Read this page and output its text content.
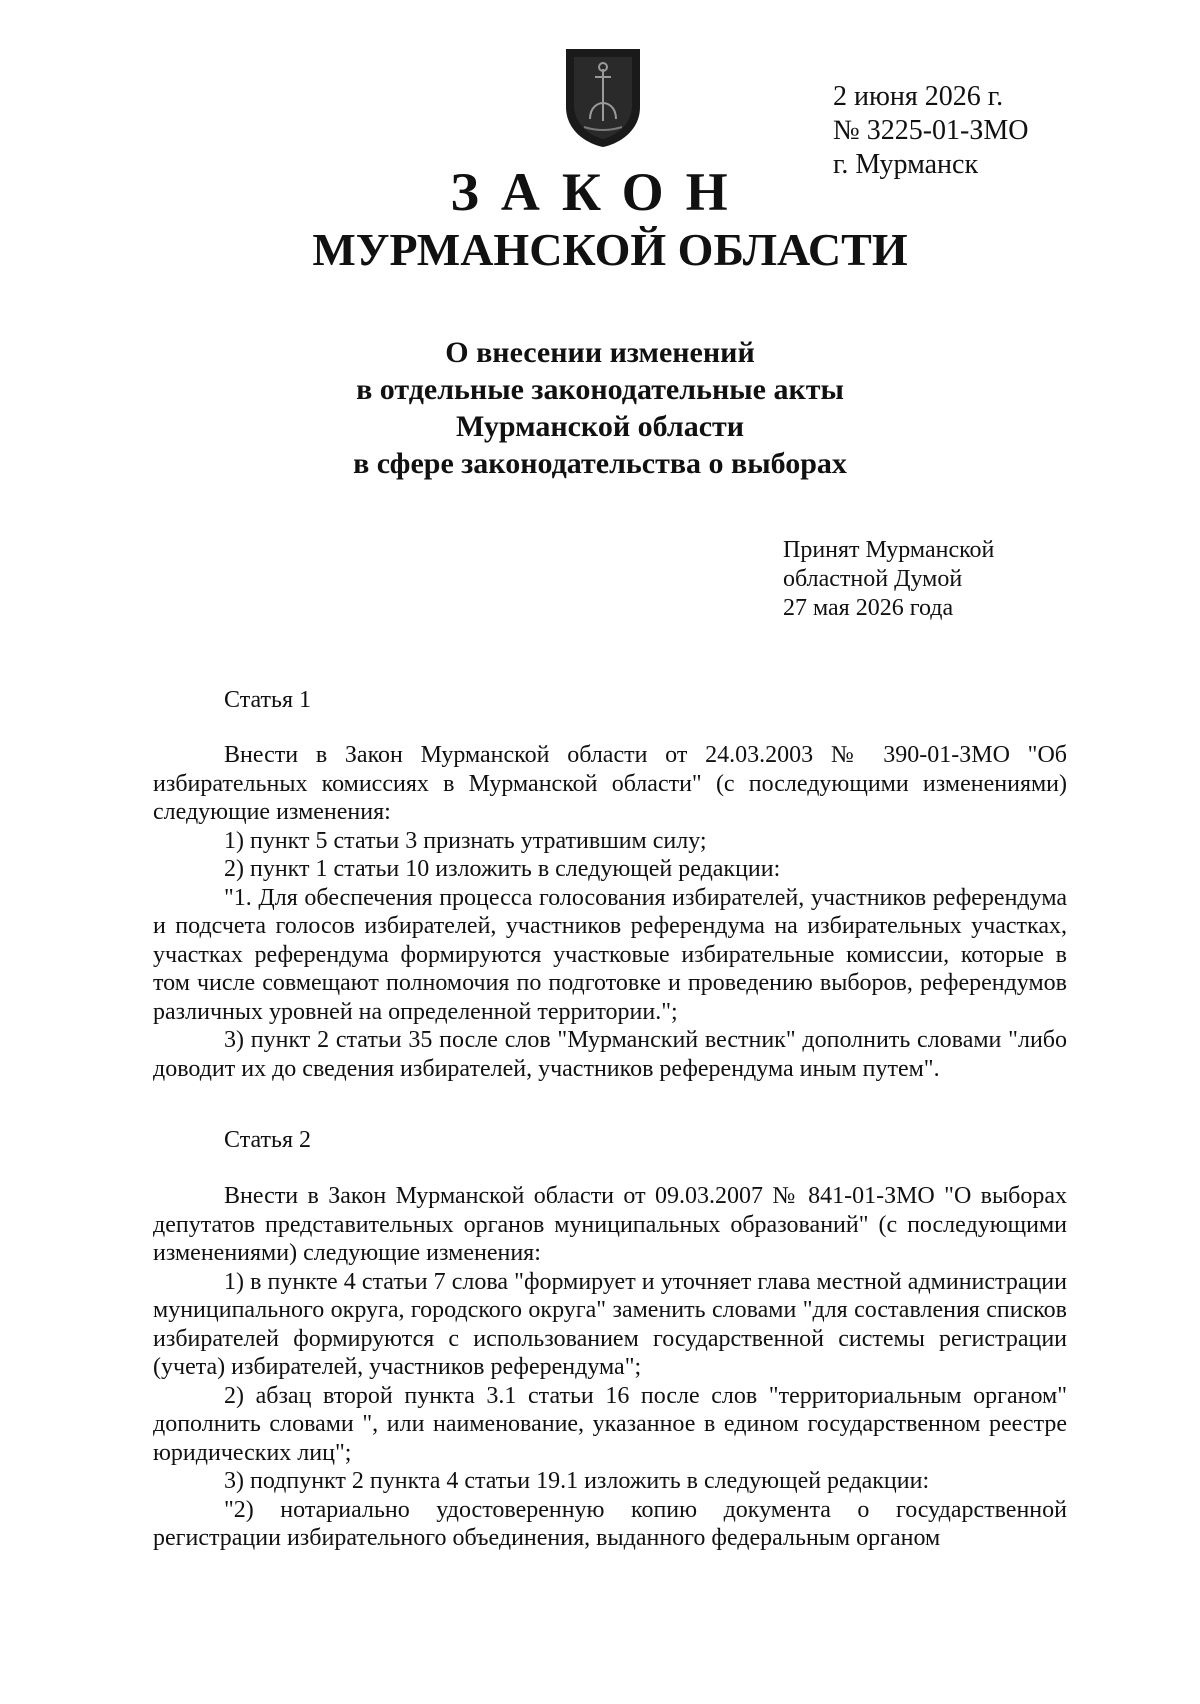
2 июня 2026 г.
№ 3225-01-ЗМО
г. Мурманск
ЗАКОН
МУРМАНСКОЙ ОБЛАСТИ
О внесении изменений
в отдельные законодательные акты
Мурманской области
в сфере законодательства о выборах
Принят Мурманской
областной Думой
27 мая 2026 года
Статья 1

Внести в Закон Мурманской области от 24.03.2003 № 390-01-ЗМО "Об избирательных комиссиях в Мурманской области" (с последующими изменениями) следующие изменения:

1) пункт 5 статьи 3 признать утратившим силу;

2) пункт 1 статьи 10 изложить в следующей редакции:

"1. Для обеспечения процесса голосования избирателей, участников референдума и подсчета голосов избирателей, участников референдума на избирательных участках, участках референдума формируются участковые избирательные комиссии, которые в том числе совмещают полномочия по подготовке и проведению выборов, референдумов различных уровней на определенной территории.";

3) пункт 2 статьи 35 после слов "Мурманский вестник" дополнить словами "либо доводит их до сведения избирателей, участников референдума иным путем".

Статья 2

Внести в Закон Мурманской области от 09.03.2007 № 841-01-ЗМО "О выборах депутатов представительных органов муниципальных образований" (с последующими изменениями) следующие изменения:

1) в пункте 4 статьи 7 слова "формирует и уточняет глава местной администрации муниципального округа, городского округа" заменить словами "для составления списков избирателей формируются с использованием государственной системы регистрации (учета) избирателей, участников референдума";

2) абзац второй пункта 3.1 статьи 16 после слов "территориальным органом" дополнить словами ", или наименование, указанное в едином государственном реестре юридических лиц";

3) подпункт 2 пункта 4 статьи 19.1 изложить в следующей редакции:

"2) нотариально удостоверенную копию документа о государственной регистрации избирательного объединения, выданного федеральным органом
